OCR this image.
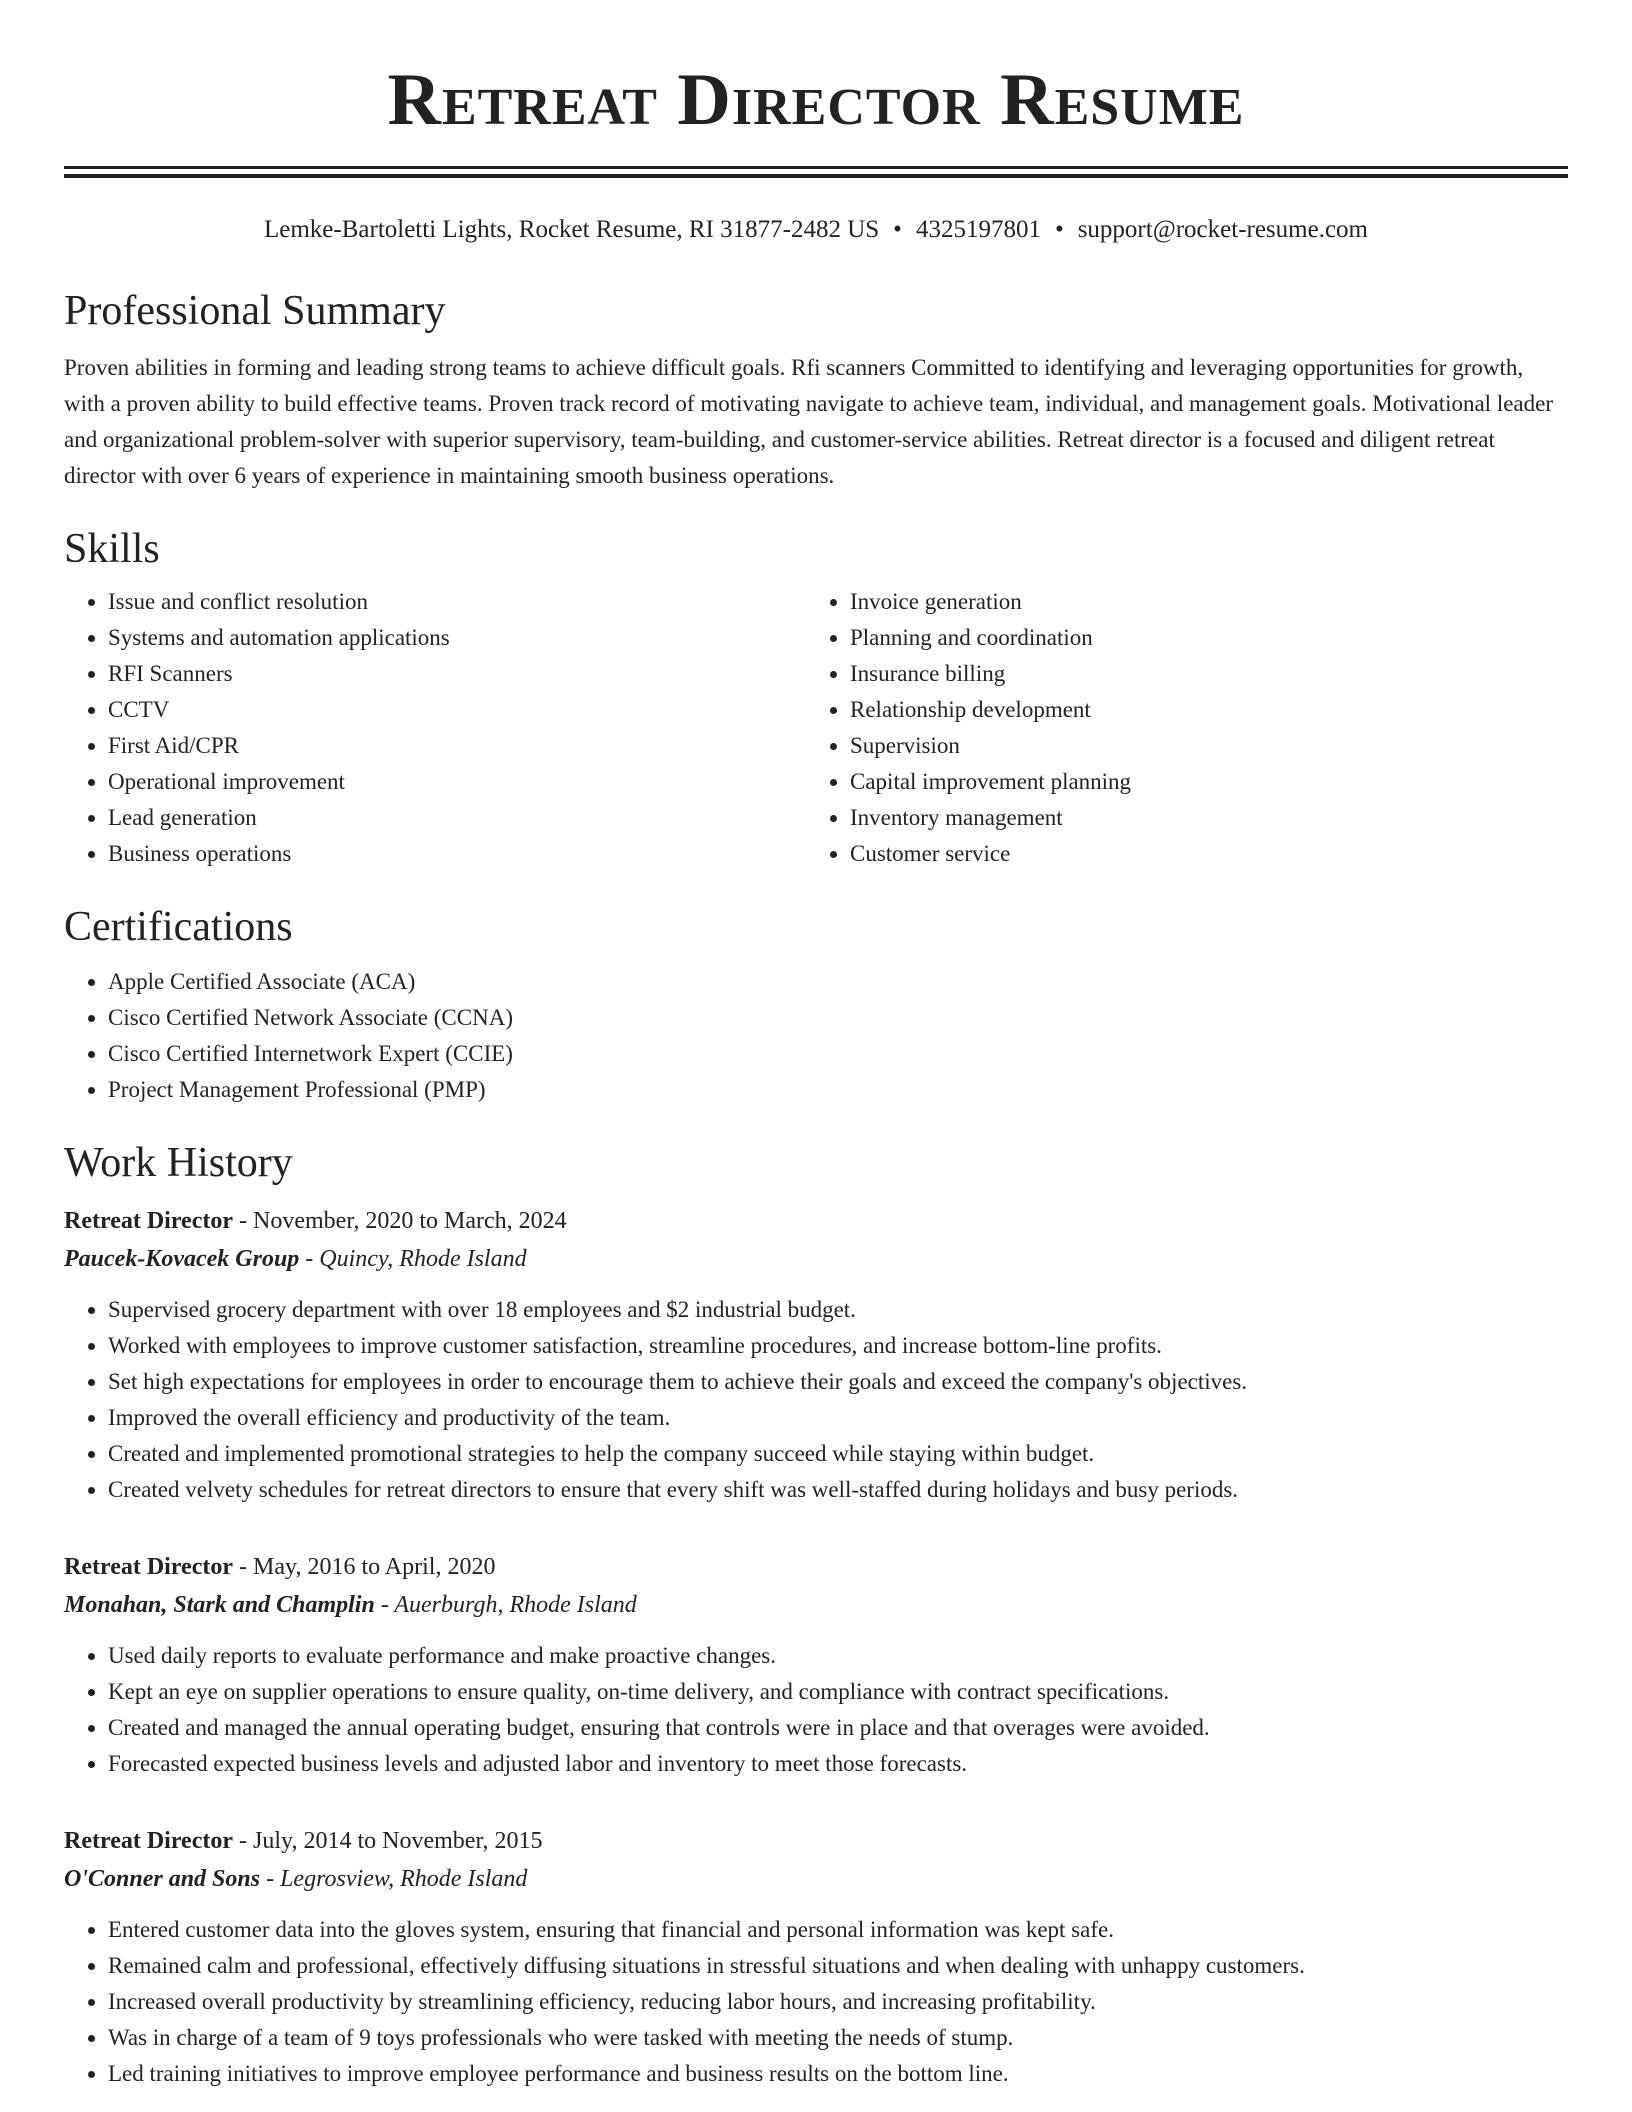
Retreat Director Resume
Lemke-Bartoletti Lights, Rocket Resume, RI 31877-2482 US • 4325197801 • support@rocket-resume.com
Professional Summary

Proven abilities in forming and leading strong teams to achieve difficult goals. Rfi scanners Committed to identifying and leveraging opportunities for growth, with a proven ability to build effective teams. Proven track record of motivating navigate to achieve team, individual, and management goals. Motivational leader and organizational problem-solver with superior supervisory, team-building, and customer-service abilities. Retreat director is a focused and diligent retreat director with over 6 years of experience in maintaining smooth business operations.

Skills
• Issue and conflict resolution
• Systems and automation applications
• RFI Scanners
• CCTV
• First Aid/CPR
• Operational improvement
• Lead generation
• Business operations
• Invoice generation
• Planning and coordination
• Insurance billing
• Relationship development
• Supervision
• Capital improvement planning
• Inventory management
• Customer service
Certifications
• Apple Certified Associate (ACA)
• Cisco Certified Network Associate (CCNA)
• Cisco Certified Internetwork Expert (CCIE)
• Project Management Professional (PMP)
Work History
Retreat Director - November, 2020 to March, 2024
Paucek-Kovacek Group - Quincy, Rhode Island
• Supervised grocery department with over 18 employees and $2 industrial budget.
• Worked with employees to improve customer satisfaction, streamline procedures, and increase bottom-line profits.
• Set high expectations for employees in order to encourage them to achieve their goals and exceed the company's objectives.
• Improved the overall efficiency and productivity of the team.
• Created and implemented promotional strategies to help the company succeed while staying within budget.
• Created velvety schedules for retreat directors to ensure that every shift was well-staffed during holidays and busy periods.
Retreat Director - May, 2016 to April, 2020
Monahan, Stark and Champlin - Auerburgh, Rhode Island
• Used daily reports to evaluate performance and make proactive changes.
• Kept an eye on supplier operations to ensure quality, on-time delivery, and compliance with contract specifications.
• Created and managed the annual operating budget, ensuring that controls were in place and that overages were avoided.
• Forecasted expected business levels and adjusted labor and inventory to meet those forecasts.
Retreat Director - July, 2014 to November, 2015
O'Conner and Sons - Legrosview, Rhode Island
• Entered customer data into the gloves system, ensuring that financial and personal information was kept safe.
• Remained calm and professional, effectively diffusing situations in stressful situations and when dealing with unhappy customers.
• Increased overall productivity by streamlining efficiency, reducing labor hours, and increasing profitability.
• Was in charge of a team of 9 toys professionals who were tasked with meeting the needs of stump.
• Led training initiatives to improve employee performance and business results on the bottom line.
